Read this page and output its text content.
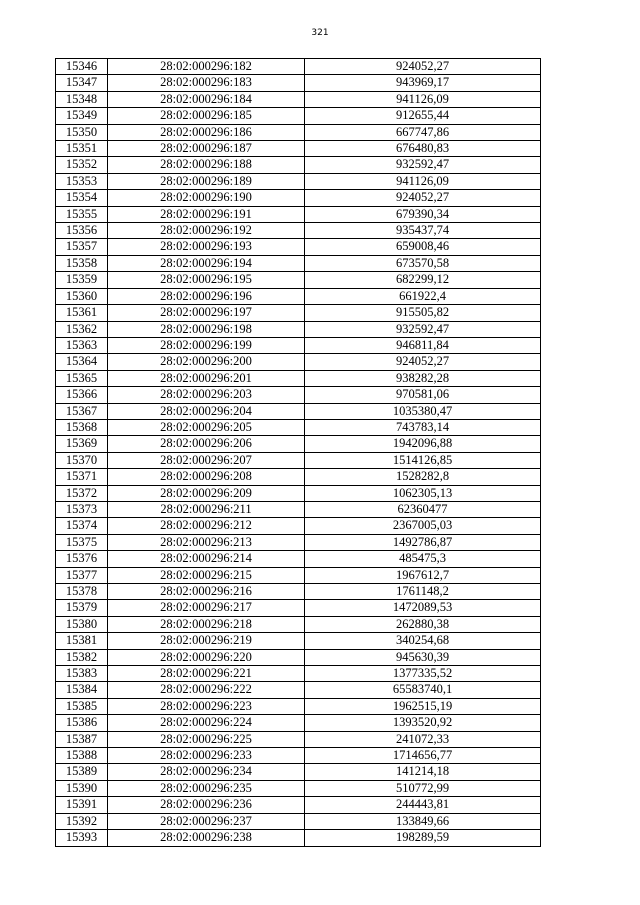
321
15346	28:02:000296:182	924052,27
15347	28:02:000296:183	943969,17
15348	28:02:000296:184	941126,09
15349	28:02:000296:185	912655,44
15350	28:02:000296:186	667747,86
15351	28:02:000296:187	676480,83
15352	28:02:000296:188	932592,47
15353	28:02:000296:189	941126,09
15354	28:02:000296:190	924052,27
15355	28:02:000296:191	679390,34
15356	28:02:000296:192	935437,74
15357	28:02:000296:193	659008,46
15358	28:02:000296:194	673570,58
15359	28:02:000296:195	682299,12
15360	28:02:000296:196	661922,4
15361	28:02:000296:197	915505,82
15362	28:02:000296:198	932592,47
15363	28:02:000296:199	946811,84
15364	28:02:000296:200	924052,27
15365	28:02:000296:201	938282,28
15366	28:02:000296:203	970581,06
15367	28:02:000296:204	1035380,47
15368	28:02:000296:205	743783,14
15369	28:02:000296:206	1942096,88
15370	28:02:000296:207	1514126,85
15371	28:02:000296:208	1528282,8
15372	28:02:000296:209	1062305,13
15373	28:02:000296:211	62360477
15374	28:02:000296:212	2367005,03
15375	28:02:000296:213	1492786,87
15376	28:02:000296:214	485475,3
15377	28:02:000296:215	1967612,7
15378	28:02:000296:216	1761148,2
15379	28:02:000296:217	1472089,53
15380	28:02:000296:218	262880,38
15381	28:02:000296:219	340254,68
15382	28:02:000296:220	945630,39
15383	28:02:000296:221	1377335,52
15384	28:02:000296:222	65583740,1
15385	28:02:000296:223	1962515,19
15386	28:02:000296:224	1393520,92
15387	28:02:000296:225	241072,33
15388	28:02:000296:233	1714656,77
15389	28:02:000296:234	141214,18
15390	28:02:000296:235	510772,99
15391	28:02:000296:236	244443,81
15392	28:02:000296:237	133849,66
15393	28:02:000296:238	198289,59
